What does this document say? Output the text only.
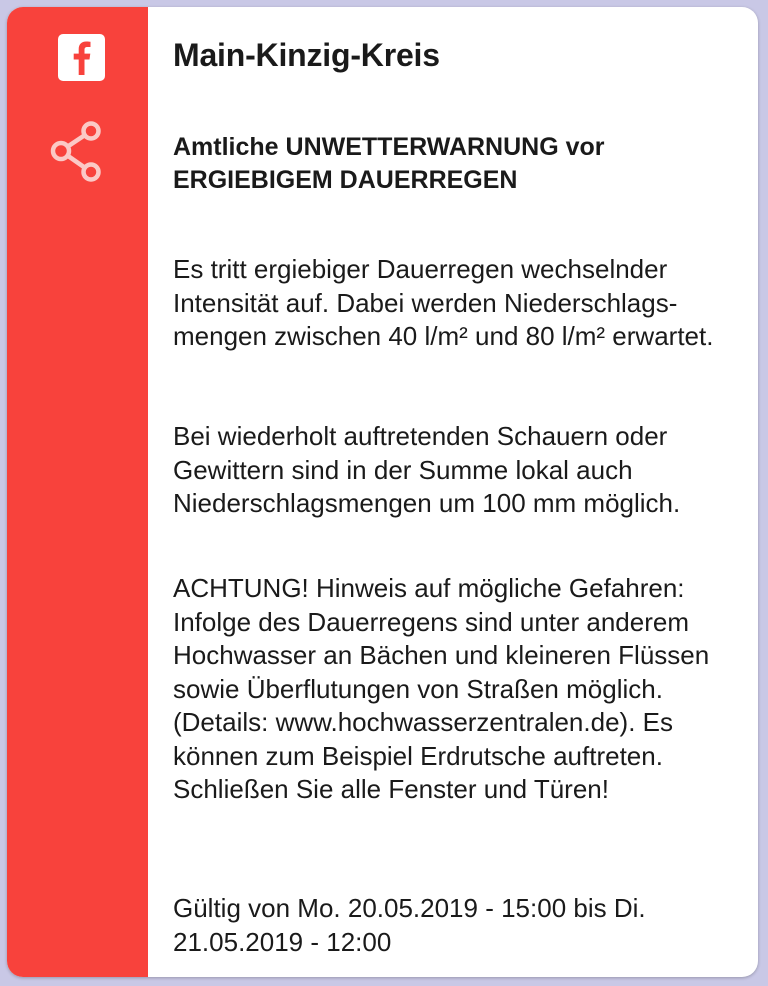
Main-Kinzig-Kreis
Amtliche UNWETTERWARNUNG vor ERGIEBIGEM DAUERREGEN
Es tritt ergiebiger Dauerregen wechselnder Intensität auf. Dabei werden Niederschlagsmengen zwischen 40 l/m² und 80 l/m² erwartet.
Bei wiederholt auftretenden Schauern oder Gewittern sind in der Summe lokal auch Niederschlagsmengen um 100 mm möglich.
ACHTUNG! Hinweis auf mögliche Gefahren: Infolge des Dauerregens sind unter anderem Hochwasser an Bächen und kleineren Flüssen sowie Überflutungen von Straßen möglich. (Details: www.hochwasserzentralen.de). Es können zum Beispiel Erdrutsche auftreten. Schließen Sie alle Fenster und Türen!
Gültig von Mo. 20.05.2019 - 15:00 bis Di. 21.05.2019 - 12:00
